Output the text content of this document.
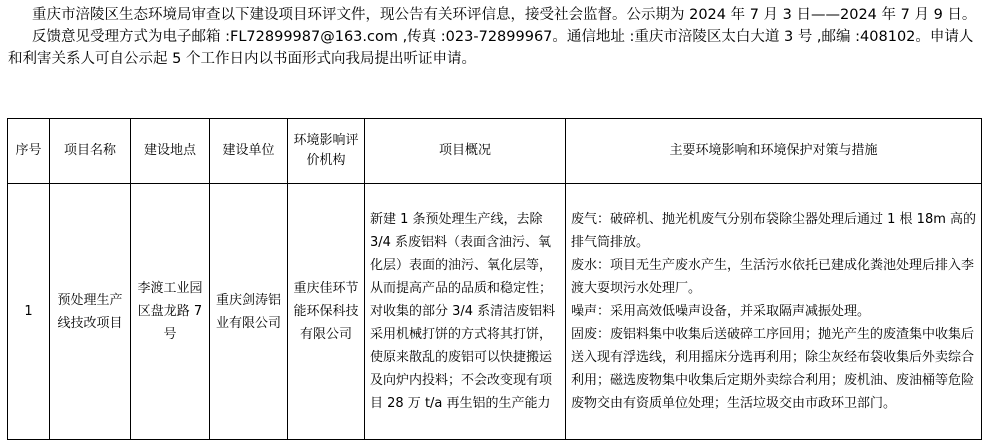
重庆市涪陵区生态环境局审查以下建设项目环评文件，现公告有关环评信息，接受社会监督。公示期为 2024 年 7 月 3 日——2024 年 7 月 9 日。

反馈意见受理方式为电子邮箱 :FL72899987@163.com ,传真 :023-72899967。通信地址 :重庆市涪陵区太白大道 3 号 ,邮编 :408102。申请人和利害关系人可自公示起 5 个工作日内以书面形式向我局提出听证申请。

序号	项目名称	建设地点	建设单位	环境影响评价机构	项目概况	主要环境影响和环境保护对策与措施
1	预处理生产线技改项目	李渡工业园区盘龙路 7 号	重庆剑涛铝业有限公司	重庆佳环节能环保科技有限公司	新建 1 条预处理生产线，去除 3/4 系废铝料（表面含油污、氧化层）表面的油污、氧化层等，从而提高产品的品质和稳定性；对收集的部分 3/4 系清洁废铝料采用机械打饼的方式将其打饼，使原来散乱的废铝可以快捷搬运及向炉内投料；不会改变现有项目 28 万 t/a 再生铝的生产能力	废气：破碎机、抛光机废气分别布袋除尘器处理后通过 1 根 18m 高的排气筒排放。
废水：项目无生产废水产生，生活污水依托已建成化粪池处理后排入李渡大耍坝污水处理厂。
噪声：采用高效低噪声设备，并采取隔声减振处理。
固废：废铝料集中收集后送破碎工序回用；抛光产生的废渣集中收集后送入现有浮选线，利用摇床分选再利用；除尘灰经布袋收集后外卖综合利用；磁选废物集中收集后定期外卖综合利用；废机油、废油桶等危险废物交由有资质单位处理；生活垃圾交由市政环卫部门。
